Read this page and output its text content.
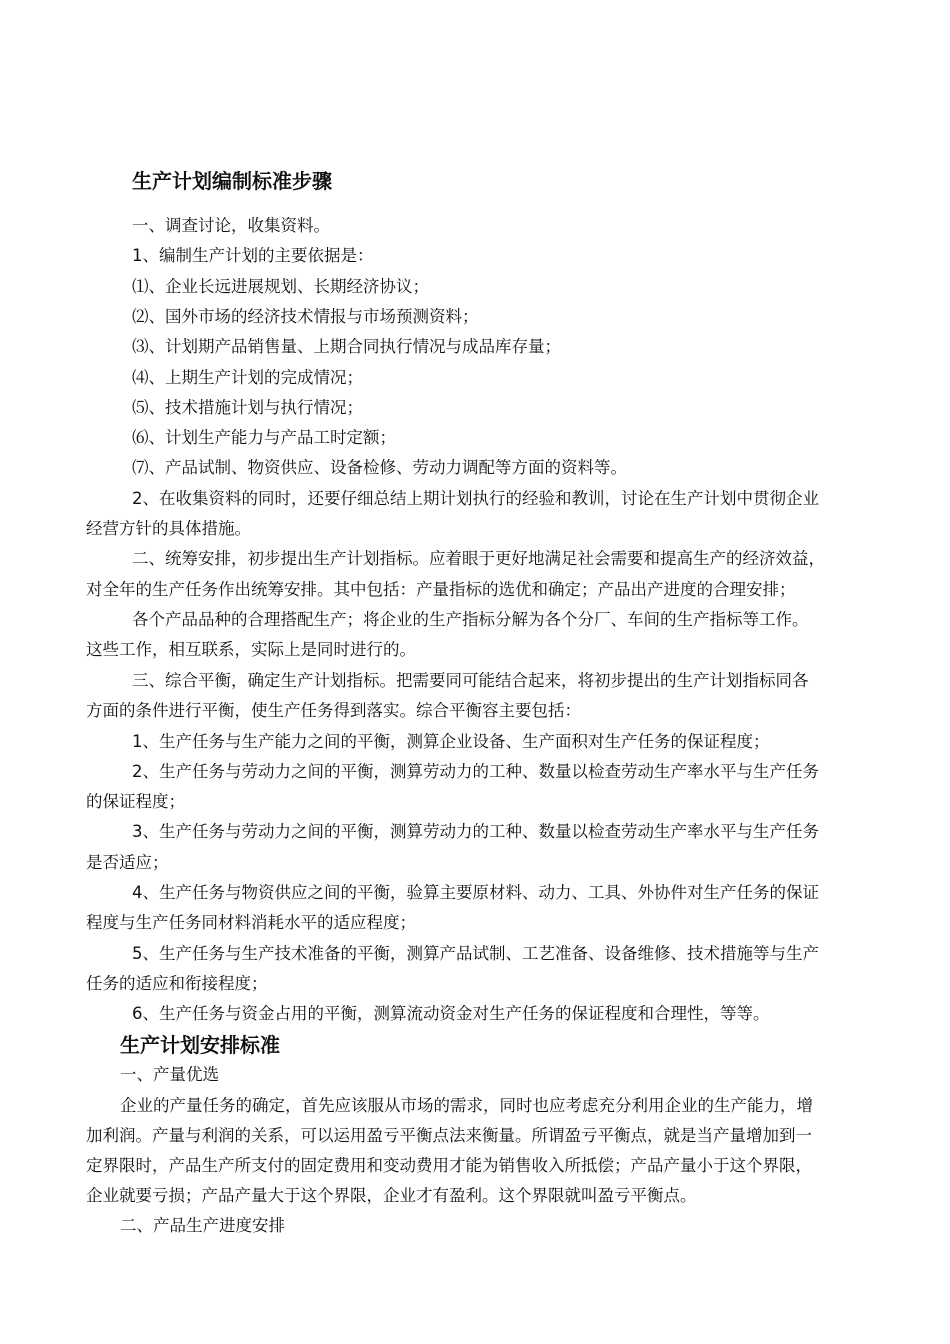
生产计划编制标准步骤

一、调查讨论，收集资料。

1、编制生产计划的主要依据是：

⑴、企业长远进展规划、长期经济协议；

⑵、国外市场的经济技术情报与市场预测资料；

⑶、计划期产品销售量、上期合同执行情况与成品库存量；

⑷、上期生产计划的完成情况；

⑸、技术措施计划与执行情况；

⑹、计划生产能力与产品工时定额；

⑺、产品试制、物资供应、设备检修、劳动力调配等方面的资料等。

2、在收集资料的同时，还要仔细总结上期计划执行的经验和教训，讨论在生产计划中贯彻企业

经营方针的具体措施。

二、统筹安排，初步提出生产计划指标。应着眼于更好地满足社会需要和提高生产的经济效益，

对全年的生产任务作出统筹安排。其中包括：产量指标的选优和确定；产品出产进度的合理安排；

各个产品品种的合理搭配生产；将企业的生产指标分解为各个分厂、车间的生产指标等工作。

这些工作，相互联系，实际上是同时进行的。

三、综合平衡，确定生产计划指标。把需要同可能结合起来，将初步提出的生产计划指标同各

方面的条件进行平衡，使生产任务得到落实。综合平衡容主要包括：

1、生产任务与生产能力之间的平衡，测算企业设备、生产面积对生产任务的保证程度；

2、生产任务与劳动力之间的平衡，测算劳动力的工种、数量以检查劳动生产率水平与生产任务

的保证程度；

3、生产任务与劳动力之间的平衡，测算劳动力的工种、数量以检查劳动生产率水平与生产任务

是否适应；

4、生产任务与物资供应之间的平衡，验算主要原材料、动力、工具、外协件对生产任务的保证

程度与生产任务同材料消耗水平的适应程度；

5、生产任务与生产技术准备的平衡，测算产品试制、工艺准备、设备维修、技术措施等与生产

任务的适应和衔接程度；

6、生产任务与资金占用的平衡，测算流动资金对生产任务的保证程度和合理性，等等。

生产计划安排标准

一、产量优选

企业的产量任务的确定，首先应该服从市场的需求，同时也应考虑充分利用企业的生产能力，增

加利润。产量与利润的关系，可以运用盈亏平衡点法来衡量。所谓盈亏平衡点，就是当产量增加到一

定界限时，产品生产所支付的固定费用和变动费用才能为销售收入所抵偿；产品产量小于这个界限，

企业就要亏损；产品产量大于这个界限，企业才有盈利。这个界限就叫盈亏平衡点。

二、产品生产进度安排
